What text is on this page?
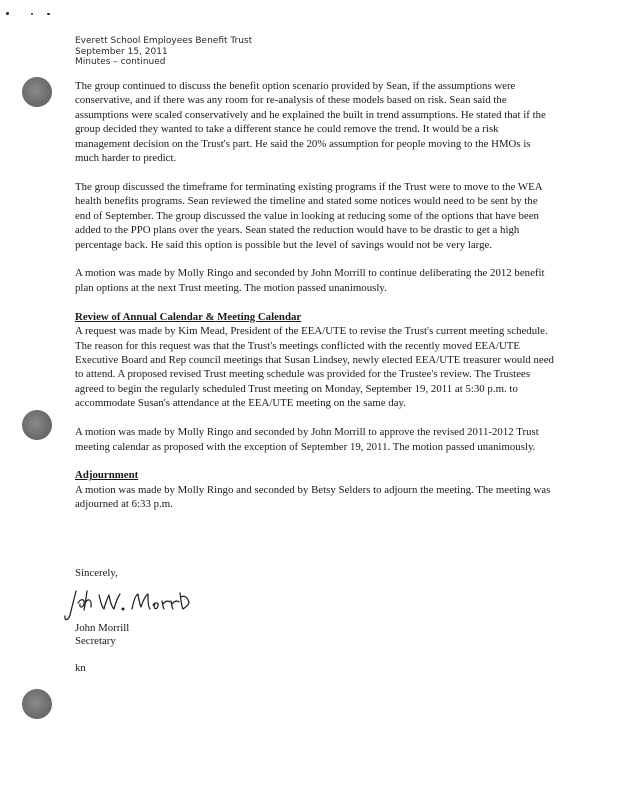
Everett School Employees Benefit Trust
September 15, 2011
Minutes – continued

The group continued to discuss the benefit option scenario provided by Sean, if the assumptions were conservative, and if there was any room for re-analysis of these models based on risk. Sean said the assumptions were scaled conservatively and he explained the built in trend assumptions. He stated that if the group decided they wanted to take a different stance he could remove the trend. It would be a risk management decision on the Trust's part. He said the 20% assumption for people moving to the HMOs is much harder to predict.

The group discussed the timeframe for terminating existing programs if the Trust were to move to the WEA health benefits programs. Sean reviewed the timeline and stated some notices would need to be sent by the end of September. The group discussed the value in looking at reducing some of the options that have been added to the PPO plans over the years. Sean stated the reduction would have to be drastic to get a high percentage back. He said this option is possible but the level of savings would not be very large.

A motion was made by Molly Ringo and seconded by John Morrill to continue deliberating the 2012 benefit plan options at the next Trust meeting. The motion passed unanimously.

Review of Annual Calendar & Meeting Calendar

A request was made by Kim Mead, President of the EEA/UTE to revise the Trust's current meeting schedule. The reason for this request was that the Trust's meetings conflicted with the recently moved EEA/UTE Executive Board and Rep council meetings that Susan Lindsey, newly elected EEA/UTE treasurer would need to attend. A proposed revised Trust meeting schedule was provided for the Trustee's review. The Trustees agreed to begin the regularly scheduled Trust meeting on Monday, September 19, 2011 at 5:30 p.m. to accommodate Susan's attendance at the EEA/UTE meeting on the same day.

A motion was made by Molly Ringo and seconded by John Morrill to approve the revised 2011-2012 Trust meeting calendar as proposed with the exception of September 19, 2011. The motion passed unanimously.

Adjournment

A motion was made by Molly Ringo and seconded by Betsy Selders to adjourn the meeting. The meeting was adjourned at 6:33 p.m.

Sincerely,
John Morrill
Secretary
kn
